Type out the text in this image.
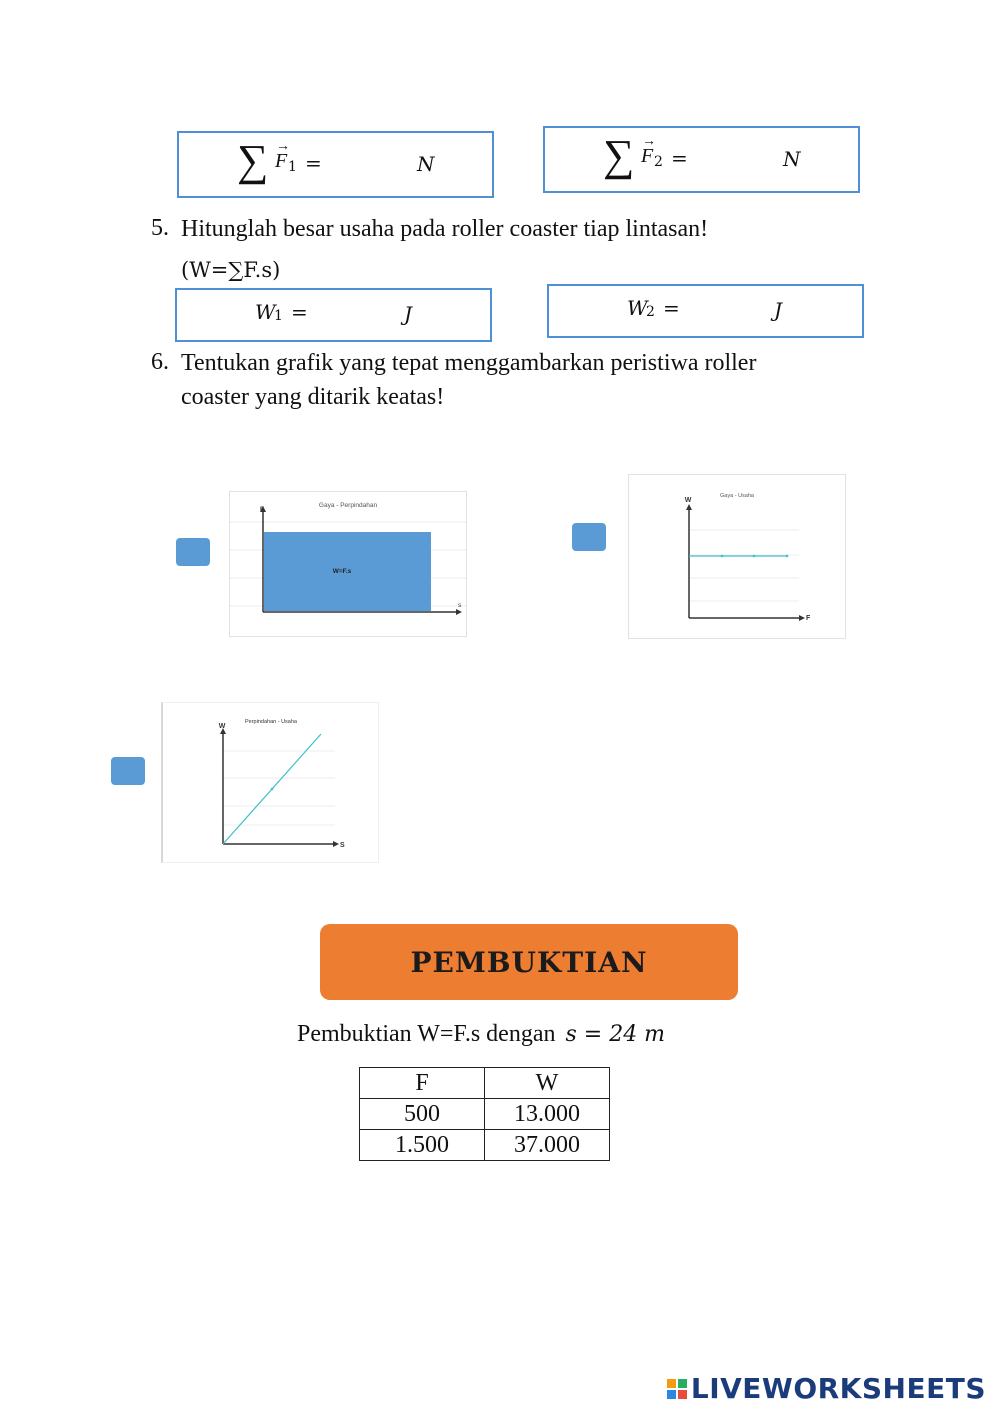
∑ →
F 1 =	N	∑ →
F 2 =	N
5. Hitunglah besar usaha pada roller coaster tiap lintasan!
(W=∑F.s)
W
1 =	J	W
2 =	J
6. Tentukan grafik yang tepat menggambarkan peristiwa roller
coaster yang ditarik keatas!
Gaya - Perpindahan
F
s
W=F.s
Gaya - Usaha
W
F
Perpindahan - Usaha
W
S
PEMBUKTIAN
Pembuktian W=F.s dengan s = 24 m
F	W
500	13.000
1.500	37.000
LIVEWORKSHEETS
